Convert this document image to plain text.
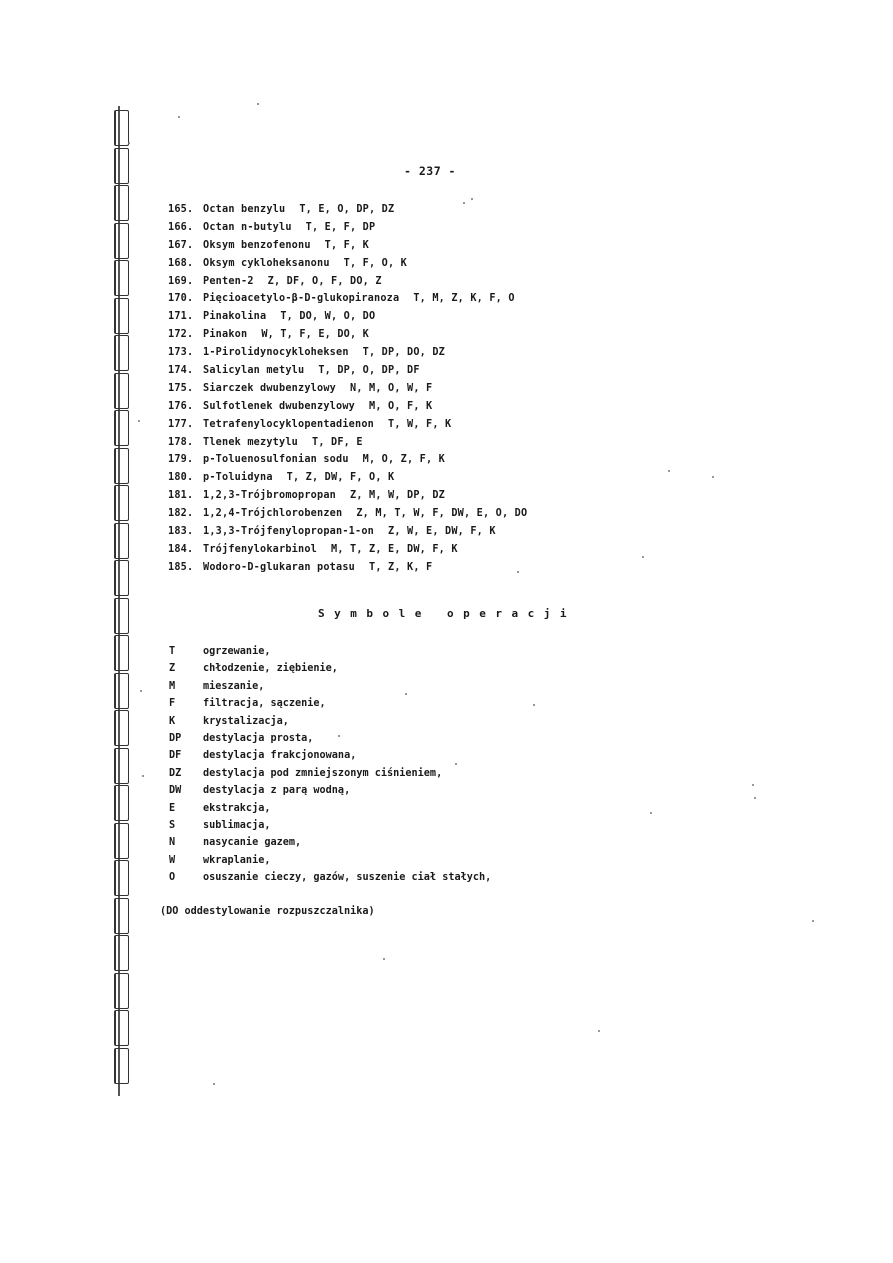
- 237 -
165. Octan benzylu T, E, O, DP, DZ
166. Octan n-butylu T, E, F, DP
167. Oksym benzofenonu T, F, K
168. Oksym cykloheksanonu T, F, O, K
169. Penten-2 Z, DF, O, F, DO, Z
170. Pięcioacetylo-β-D-glukopiranoza T, M, Z, K, F, O
171. Pinakolina T, DO, W, O, DO
172. Pinakon W, T, F, E, DO, K
173. 1-Pirolidynocykloheksen T, DP, DO, DZ
174. Salicylan metylu T, DP, O, DP, DF
175. Siarczek dwubenzylowy N, M, O, W, F
176. Sulfotlenek dwubenzylowy M, O, F, K
177. Tetrafenylocyklopentadienon T, W, F, K
178. Tlenek mezytylu T, DF, E
179. p-Toluenosulfonian sodu M, O, Z, F, K
180. p-Toluidyna T, Z, DW, F, O, K
181. 1,2,3-Trójbromopropan Z, M, W, DP, DZ
182. 1,2,4-Trójchlorobenzen Z, M, T, W, F, DW, E, O, DO
183. 1,3,3-Trójfenylopropan-1-on Z, W, E, DW, F, K
184. Trójfenylokarbinol M, T, Z, E, DW, F, K
185. Wodoro-D-glukaran potasu T, Z, K, F
Symbole operacji
T	ogrzewanie,
Z	chłodzenie, ziębienie,
M	mieszanie,
F	filtracja, sączenie,
K	krystalizacja,
DP destylacja prosta,
DF destylacja frakcjonowana,
DZ destylacja pod zmniejszonym ciśnieniem,
DW destylacja z parą wodną,
E	ekstrakcja,
S	sublimacja,
N	nasycanie gazem,
W	wkraplanie,
O	osuszanie cieczy, gazów, suszenie ciał stałych,
(DO oddestylowanie rozpuszczalnika)
